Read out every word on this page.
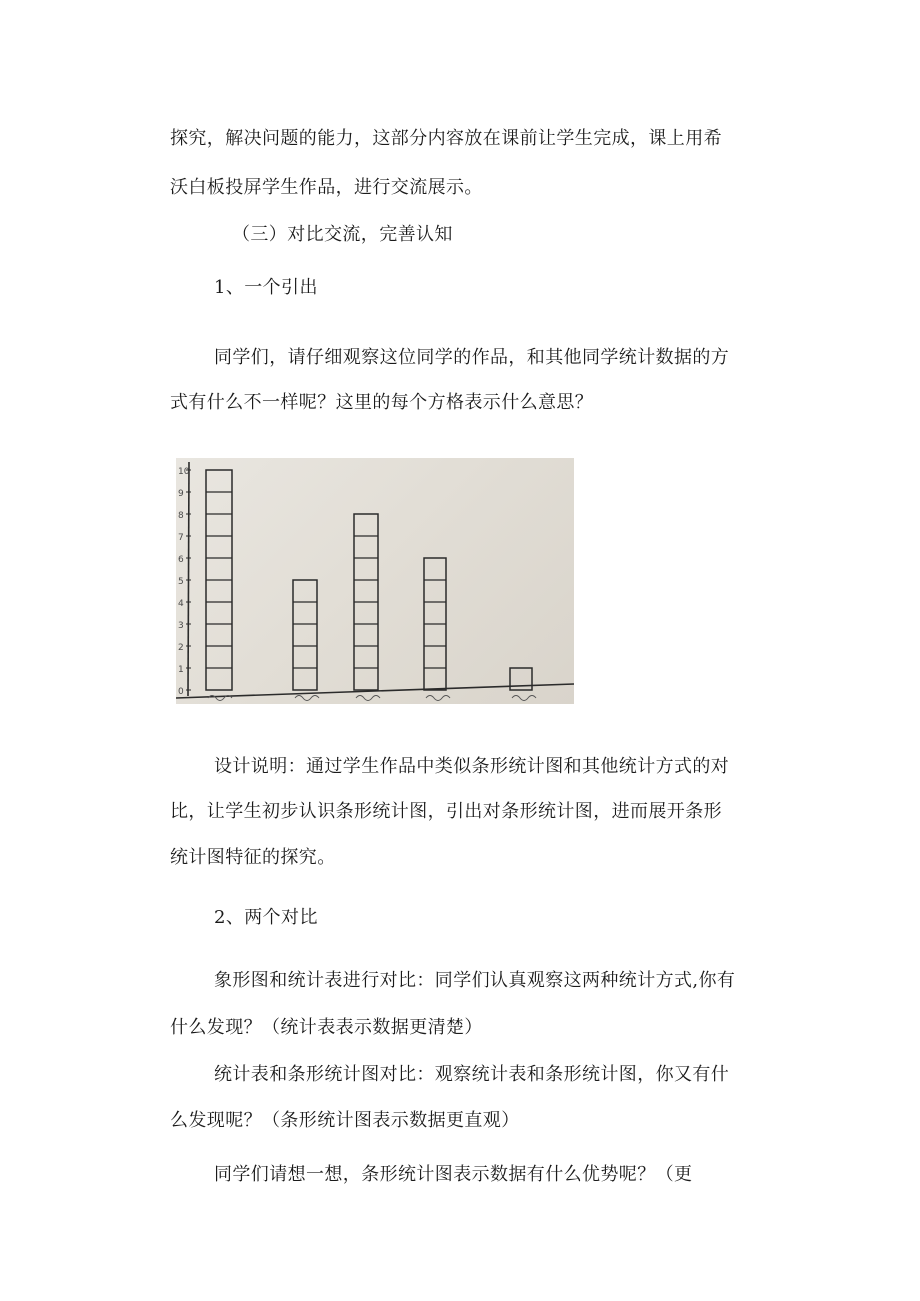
探究，解决问题的能力，这部分内容放在课前让学生完成，课上用希

沃白板投屏学生作品，进行交流展示。

（三）对比交流，完善认知

1、一个引出

同学们，请仔细观察这位同学的作品，和其他同学统计数据的方

式有什么不一样呢？这里的每个方格表示什么意思？

0
1
2
3
4
5
6
7
8
9
10

设计说明：通过学生作品中类似条形统计图和其他统计方式的对

比，让学生初步认识条形统计图，引出对条形统计图，进而展开条形

统计图特征的探究。

2、两个对比

象形图和统计表进行对比：同学们认真观察这两种统计方式,你有

什么发现？（统计表表示数据更清楚）

统计表和条形统计图对比：观察统计表和条形统计图，你又有什

么发现呢？（条形统计图表示数据更直观）

同学们请想一想，条形统计图表示数据有什么优势呢？（更
